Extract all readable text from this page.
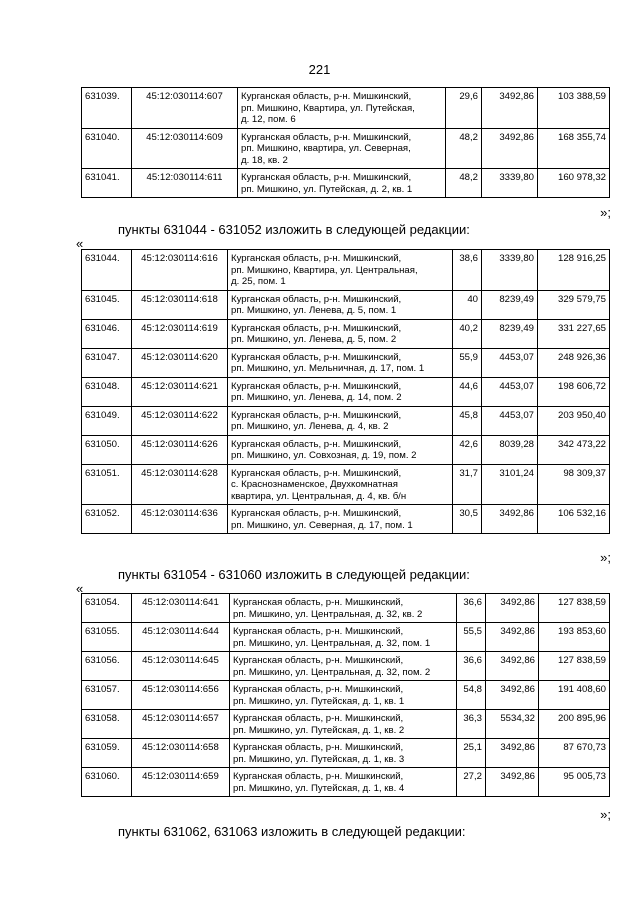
221
631039.	45:12:030114:607	Курганская область, р-н. Мишкинский,
рп. Мишкино, Квартира, ул. Путейская,
д. 12, пом. 6	29,6	3492,86	103 388,59
631040.	45:12:030114:609	Курганская область, р-н. Мишкинский,
рп. Мишкино, квартира, ул. Северная,
д. 18, кв. 2	48,2	3492,86	168 355,74
631041.	45:12:030114:611	Курганская область, р-н. Мишкинский,
рп. Мишкино, ул. Путейская, д. 2, кв. 1	48,2	3339,80	160 978,32
»;
пункты 631044 - 631052 изложить в следующей редакции:
«
631044.	45:12:030114:616	Курганская область, р-н. Мишкинский,
рп. Мишкино, Квартира, ул. Центральная,
д. 25, пом. 1	38,6	3339,80	128 916,25
631045.	45:12:030114:618	Курганская область, р-н. Мишкинский,
рп. Мишкино, ул. Ленева, д. 5, пом. 1	40	8239,49	329 579,75
631046.	45:12:030114:619	Курганская область, р-н. Мишкинский,
рп. Мишкино, ул. Ленева, д. 5, пом. 2	40,2	8239,49	331 227,65
631047.	45:12:030114:620	Курганская область, р-н. Мишкинский,
рп. Мишкино, ул. Мельничная, д. 17, пом. 1	55,9	4453,07	248 926,36
631048.	45:12:030114:621	Курганская область, р-н. Мишкинский,
рп. Мишкино, ул. Ленева, д. 14, пом. 2	44,6	4453,07	198 606,72
631049.	45:12:030114:622	Курганская область, р-н. Мишкинский,
рп. Мишкино, ул. Ленева, д. 4, кв. 2	45,8	4453,07	203 950,40
631050.	45:12:030114:626	Курганская область, р-н. Мишкинский,
рп. Мишкино, ул. Совхозная, д. 19, пом. 2	42,6	8039,28	342 473,22
631051.	45:12:030114:628	Курганская область, р-н. Мишкинский,
с. Краснознаменское, Двухкомнатная
квартира, ул. Центральная, д. 4, кв. б/н	31,7	3101,24	98 309,37
631052.	45:12:030114:636	Курганская область, р-н. Мишкинский,
рп. Мишкино, ул. Северная, д. 17, пом. 1	30,5	3492,86	106 532,16
»;
пункты 631054 - 631060 изложить в следующей редакции:
«
631054.	45:12:030114:641	Курганская область, р-н. Мишкинский,
рп. Мишкино, ул. Центральная, д. 32, кв. 2	36,6	3492,86	127 838,59
631055.	45:12:030114:644	Курганская область, р-н. Мишкинский,
рп. Мишкино, ул. Центральная, д. 32, пом. 1	55,5	3492,86	193 853,60
631056.	45:12:030114:645	Курганская область, р-н. Мишкинский,
рп. Мишкино, ул. Центральная, д. 32, пом. 2	36,6	3492,86	127 838,59
631057.	45:12:030114:656	Курганская область, р-н. Мишкинский,
рп. Мишкино, ул. Путейская, д. 1, кв. 1	54,8	3492,86	191 408,60
631058.	45:12:030114:657	Курганская область, р-н. Мишкинский,
рп. Мишкино, ул. Путейская, д. 1, кв. 2	36,3	5534,32	200 895,96
631059.	45:12:030114:658	Курганская область, р-н. Мишкинский,
рп. Мишкино, ул. Путейская, д. 1, кв. 3	25,1	3492,86	87 670,73
631060.	45:12:030114:659	Курганская область, р-н. Мишкинский,
рп. Мишкино, ул. Путейская, д. 1, кв. 4	27,2	3492,86	95 005,73
»;
пункты 631062, 631063 изложить в следующей редакции:
